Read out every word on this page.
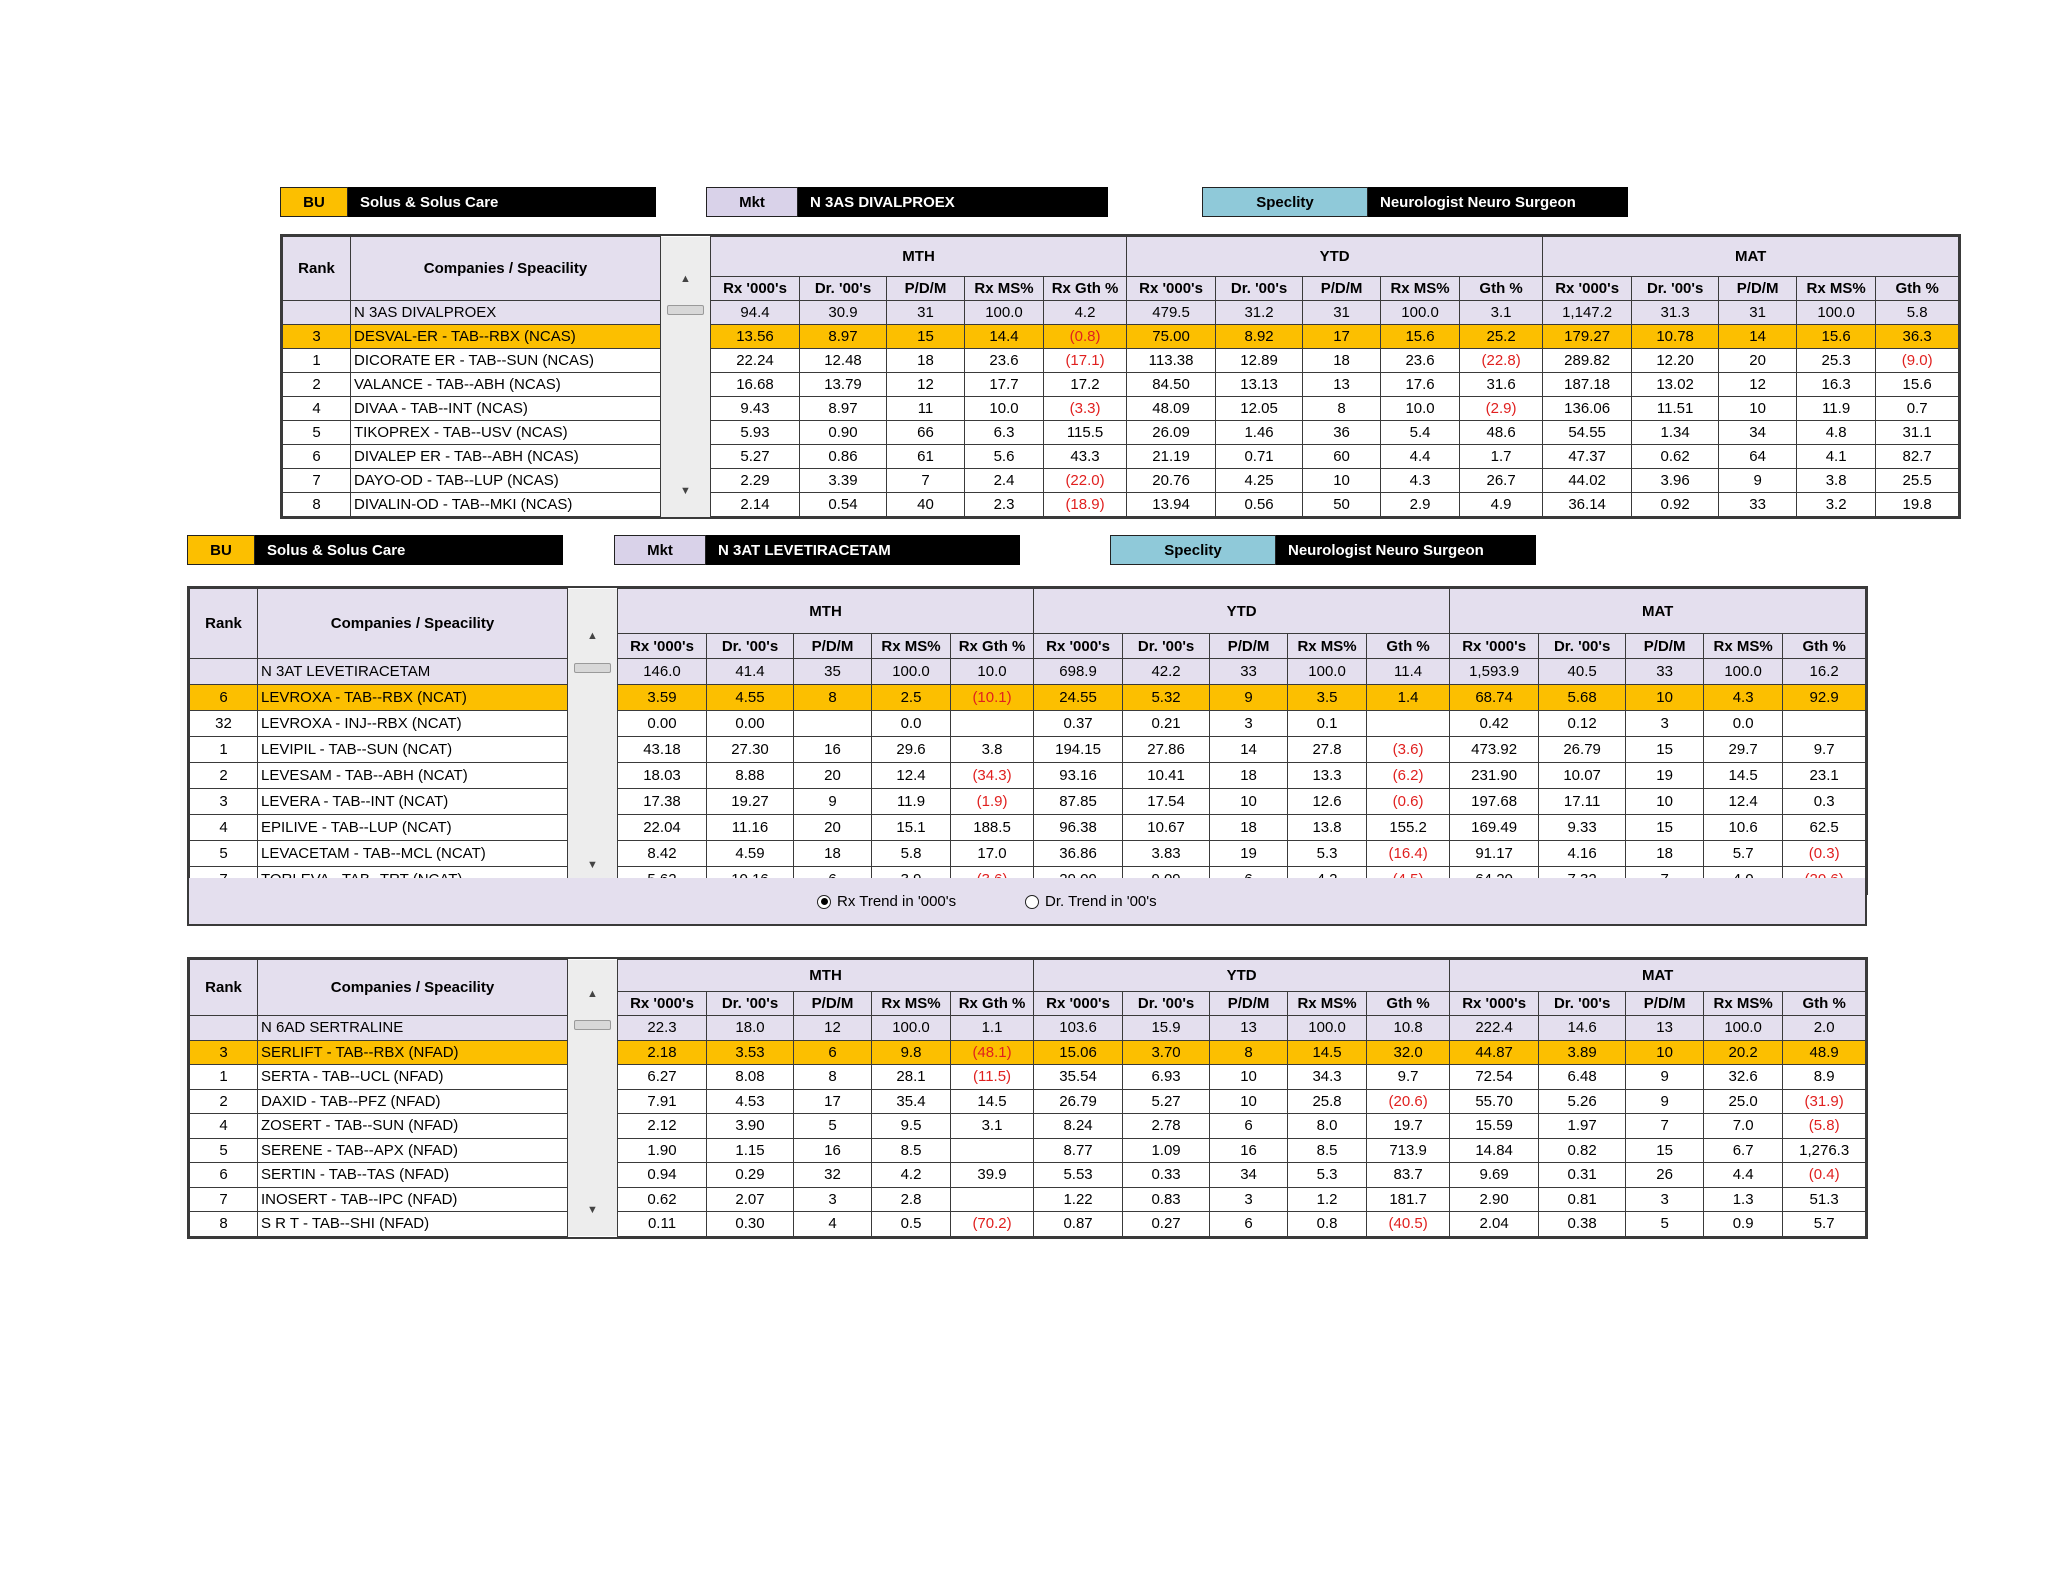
BU	Solus & Solus Care	Mkt	N 3AS DIVALPROEX	Speclity	Neurologist Neuro Surgeon
Rank	Companies / Speacility	▲
▼		MTH					YTD					MAT				
			Rx '000's	Dr. '00's	P/D/M	Rx MS%	Rx Gth %	Rx '000's	Dr. '00's	P/D/M	Rx MS%	Gth %	Rx '000's	Dr. '00's	P/D/M	Rx MS%	Gth %
	N 3AS DIVALPROEX		94.4	30.9	31	100.0	4.2	479.5	31.2	31	100.0	3.1	1,147.2	31.3	31	100.0	5.8
3	DESVAL-ER - TAB--RBX (NCAS)		13.56	8.97	15	14.4	(0.8)	75.00	8.92	17	15.6	25.2	179.27	10.78	14	15.6	36.3
1	DICORATE ER - TAB--SUN (NCAS)		22.24	12.48	18	23.6	(17.1)	113.38	12.89	18	23.6	(22.8)	289.82	12.20	20	25.3	(9.0)
2	VALANCE - TAB--ABH (NCAS)		16.68	13.79	12	17.7	17.2	84.50	13.13	13	17.6	31.6	187.18	13.02	12	16.3	15.6
4	DIVAA - TAB--INT (NCAS)		9.43	8.97	11	10.0	(3.3)	48.09	12.05	8	10.0	(2.9)	136.06	11.51	10	11.9	0.7
5	TIKOPREX - TAB--USV (NCAS)		5.93	0.90	66	6.3	115.5	26.09	1.46	36	5.4	48.6	54.55	1.34	34	4.8	31.1
6	DIVALEP ER - TAB--ABH (NCAS)		5.27	0.86	61	5.6	43.3	21.19	0.71	60	4.4	1.7	47.37	0.62	64	4.1	82.7
7	DAYO-OD - TAB--LUP (NCAS)		2.29	3.39	7	2.4	(22.0)	20.76	4.25	10	4.3	26.7	44.02	3.96	9	3.8	25.5
8	DIVALIN-OD - TAB--MKI (NCAS)		2.14	0.54	40	2.3	(18.9)	13.94	0.56	50	2.9	4.9	36.14	0.92	33	3.2	19.8
BU	Solus & Solus Care	Mkt	N 3AT LEVETIRACETAM	Speclity	Neurologist Neuro Surgeon
Rank	Companies / Speacility	▲
▼		MTH					YTD					MAT				
			Rx '000's	Dr. '00's	P/D/M	Rx MS%	Rx Gth %	Rx '000's	Dr. '00's	P/D/M	Rx MS%	Gth %	Rx '000's	Dr. '00's	P/D/M	Rx MS%	Gth %
	N 3AT LEVETIRACETAM		146.0	41.4	35	100.0	10.0	698.9	42.2	33	100.0	11.4	1,593.9	40.5	33	100.0	16.2
6	LEVROXA - TAB--RBX (NCAT)		3.59	4.55	8	2.5	(10.1)	24.55	5.32	9	3.5	1.4	68.74	5.68	10	4.3	92.9
32	LEVROXA - INJ--RBX (NCAT)		0.00	0.00		0.0		0.37	0.21	3	0.1		0.42	0.12	3	0.0	
1	LEVIPIL - TAB--SUN (NCAT)		43.18	27.30	16	29.6	3.8	194.15	27.86	14	27.8	(3.6)	473.92	26.79	15	29.7	9.7
2	LEVESAM - TAB--ABH (NCAT)		18.03	8.88	20	12.4	(34.3)	93.16	10.41	18	13.3	(6.2)	231.90	10.07	19	14.5	23.1
3	LEVERA - TAB--INT (NCAT)		17.38	19.27	9	11.9	(1.9)	87.85	17.54	10	12.6	(0.6)	197.68	17.11	10	12.4	0.3
4	EPILIVE - TAB--LUP (NCAT)		22.04	11.16	20	15.1	188.5	96.38	10.67	18	13.8	155.2	169.49	9.33	15	10.6	62.5
5	LEVACETAM - TAB--MCL (NCAT)		8.42	4.59	18	5.8	17.0	36.86	3.83	19	5.3	(16.4)	91.17	4.16	18	5.7	(0.3)

Rx Trend in '000's	Dr. Trend in '00's
Rank	Companies / Speacility	▲
▼		MTH					YTD					MAT				
			Rx '000's	Dr. '00's	P/D/M	Rx MS%	Rx Gth %	Rx '000's	Dr. '00's	P/D/M	Rx MS%	Gth %	Rx '000's	Dr. '00's	P/D/M	Rx MS%	Gth %
	N 6AD SERTRALINE		22.3	18.0	12	100.0	1.1	103.6	15.9	13	100.0	10.8	222.4	14.6	13	100.0	2.0
3	SERLIFT - TAB--RBX (NFAD)		2.18	3.53	6	9.8	(48.1)	15.06	3.70	8	14.5	32.0	44.87	3.89	10	20.2	48.9
1	SERTA - TAB--UCL (NFAD)		6.27	8.08	8	28.1	(11.5)	35.54	6.93	10	34.3	9.7	72.54	6.48	9	32.6	8.9
2	DAXID - TAB--PFZ (NFAD)		7.91	4.53	17	35.4	14.5	26.79	5.27	10	25.8	(20.6)	55.70	5.26	9	25.0	(31.9)
4	ZOSERT - TAB--SUN (NFAD)		2.12	3.90	5	9.5	3.1	8.24	2.78	6	8.0	19.7	15.59	1.97	7	7.0	(5.8)
5	SERENE - TAB--APX (NFAD)		1.90	1.15	16	8.5		8.77	1.09	16	8.5	713.9	14.84	0.82	15	6.7	1,276.3
6	SERTIN - TAB--TAS (NFAD)		0.94	0.29	32	4.2	39.9	5.53	0.33	34	5.3	83.7	9.69	0.31	26	4.4	(0.4)
7	INOSERT - TAB--IPC (NFAD)		0.62	2.07	3	2.8		1.22	0.83	3	1.2	181.7	2.90	0.81	3	1.3	51.3
8	S R T - TAB--SHI (NFAD)		0.11	0.30	4	0.5	(70.2)	0.87	0.27	6	0.8	(40.5)	2.04	0.38	5	0.9	5.7
